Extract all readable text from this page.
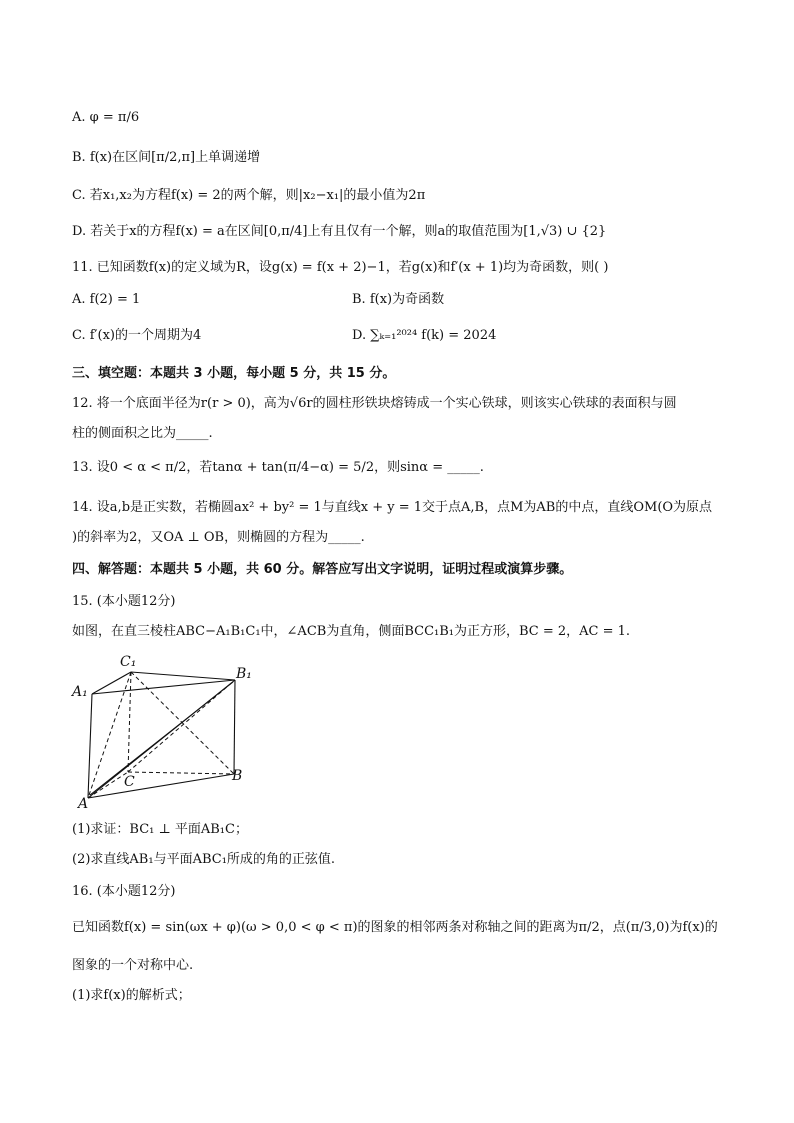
A. φ = π/6
B. f(x)在区间[π/2,π]上单调递增
C. 若x₁,x₂为方程f(x) = 2的两个解，则|x₂−x₁|的最小值为2π
D. 若关于x的方程f(x) = a在区间[0,π/4]上有且仅有一个解，则a的取值范围为[1,√3) ∪ {2}
11. 已知函数f(x)的定义域为R，设g(x) = f(x + 2)−1，若g(x)和f′(x + 1)均为奇函数，则( )
A. f(2) = 1	B. f(x)为奇函数
C. f′(x)的一个周期为4	D. ∑ₖ₌₁²⁰²⁴ f(k) = 2024
三、填空题：本题共 3 小题，每小题 5 分，共 15 分。
12. 将一个底面半径为r(r > 0)，高为√6r的圆柱形铁块熔铸成一个实心铁球，则该实心铁球的表面积与圆
柱的侧面积之比为_____.
13. 设0 < α < π/2，若tanα + tan(π/4−α) = 5/2，则sinα = _____.
14. 设a,b是正实数，若椭圆ax² + by² = 1与直线x + y = 1交于点A,B，点M为AB的中点，直线OM(O为原点
)的斜率为2，又OA ⊥ OB，则椭圆的方程为_____.
四、解答题：本题共 5 小题，共 60 分。解答应写出文字说明，证明过程或演算步骤。
15. (本小题12分)
如图，在直三棱柱ABC−A₁B₁C₁中，∠ACB为直角，侧面BCC₁B₁为正方形，BC = 2，AC = 1.
C₁
B₁
A₁
C	B
A
(1)求证：BC₁ ⊥ 平面AB₁C；
(2)求直线AB₁与平面ABC₁所成的角的正弦值.
16. (本小题12分)
已知函数f(x) = sin(ωx + φ)(ω > 0,0 < φ < π)的图象的相邻两条对称轴之间的距离为π/2，点(π/3,0)为f(x)的
图象的一个对称中心.
(1)求f(x)的解析式；
